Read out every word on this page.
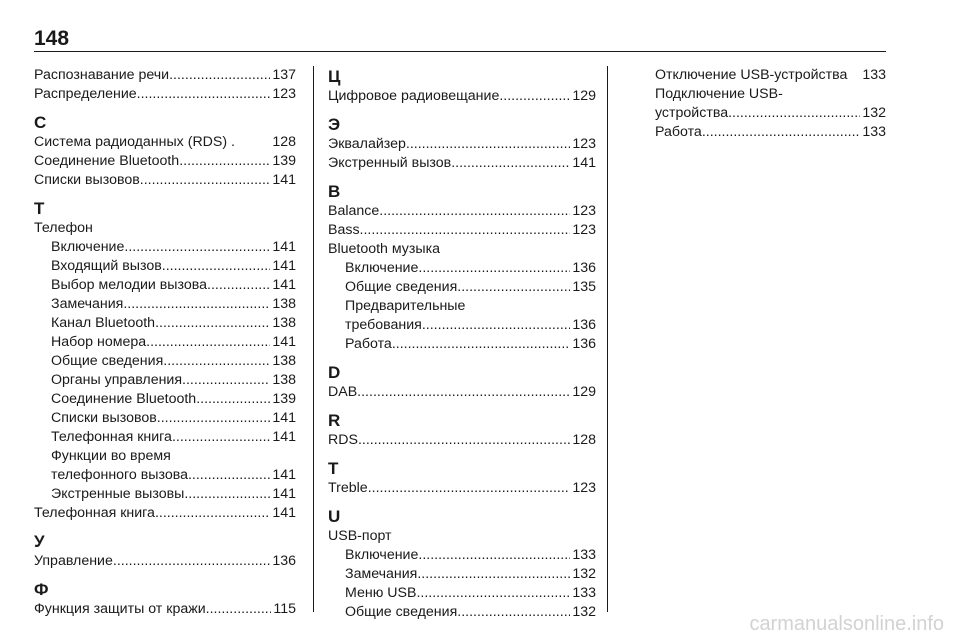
148
Распознавание речи .....	137
Распределение .....	123
С
Система радиоданных (RDS) .	128
Соединение Bluetooth .....	139
Списки вызовов .....	141
Т
Телефон
Включение .....	141
Входящий вызов .....	141
Выбор мелодии вызова .....	141
Замечания .....	138
Канал Bluetooth .....	138
Набор номера .....	141
Общие сведения .....	138
Органы управления .....	138
Соединение Bluetooth .....	139
Списки вызовов .....	141
Телефонная книга .....	141
Функции во время
телефонного вызова .....	141
Экстренные вызовы .....	141
Телефонная книга .....	141
У
Управление .....	136
Ф
Функция защиты от кражи .....	115
Ц
Цифровое радиовещание .....	129
Э
Эквалайзер .....	123
Экстренный вызов .....	141
B
Balance .....	123
Bass .....	123
Bluetooth музыка
Включение .....	136
Общие сведения .....	135
Предварительные
требования .....	136
Работа .....	136
D
DAB .....	129
R
RDS .....	128
T
Treble .....	123
U
USB-порт
Включение .....	133
Замечания .....	132
Меню USB .....	133
Общие сведения .....	132
Отключение USB-устройства 133
Подключение USB-
устройства .....	132
Работа .....	133
carmanualsonline.info
